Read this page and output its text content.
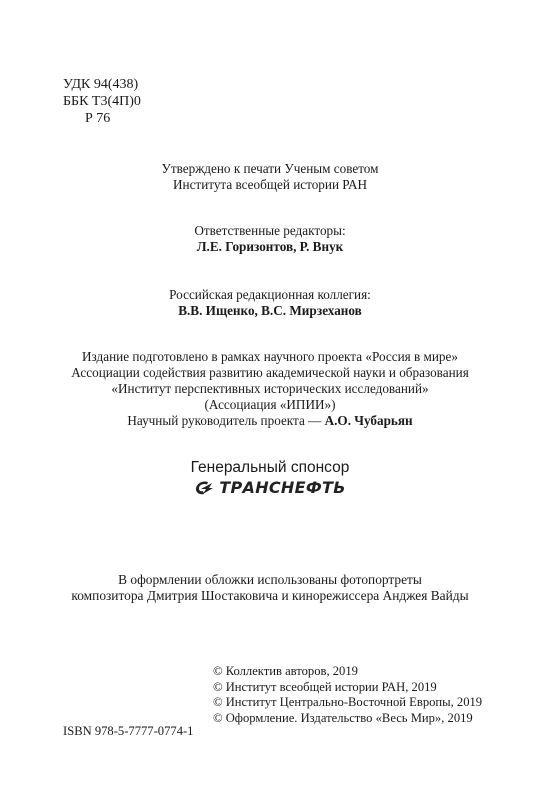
УДК 94(438)
ББК Т3(4П)0
Р 76
Утверждено к печати Ученым советом
Института всеобщей истории РАН
Ответственные редакторы:
Л.Е. Горизонтов, Р. Внук
Российская редакционная коллегия:
В.В. Ищенко, В.С. Мирзеханов
Издание подготовлено в рамках научного проекта «Россия в мире»
Ассоциации содействия развитию академической науки и образования
«Институт перспективных исторических исследований»
(Ассоциация «ИПИИ»)
Научный руководитель проекта — А.О. Чубарьян
Генеральный спонсор
ТРАНСНЕФТЬ
В оформлении обложки использованы фотопортреты
композитора Дмитрия Шостаковича и кинорежиссера Анджея Вайды
© Коллектив авторов, 2019
© Институт всеобщей истории РАН, 2019
© Институт Центрально-Восточной Европы, 2019
© Оформление. Издательство «Весь Мир», 2019
ISBN 978-5-7777-0774-1
